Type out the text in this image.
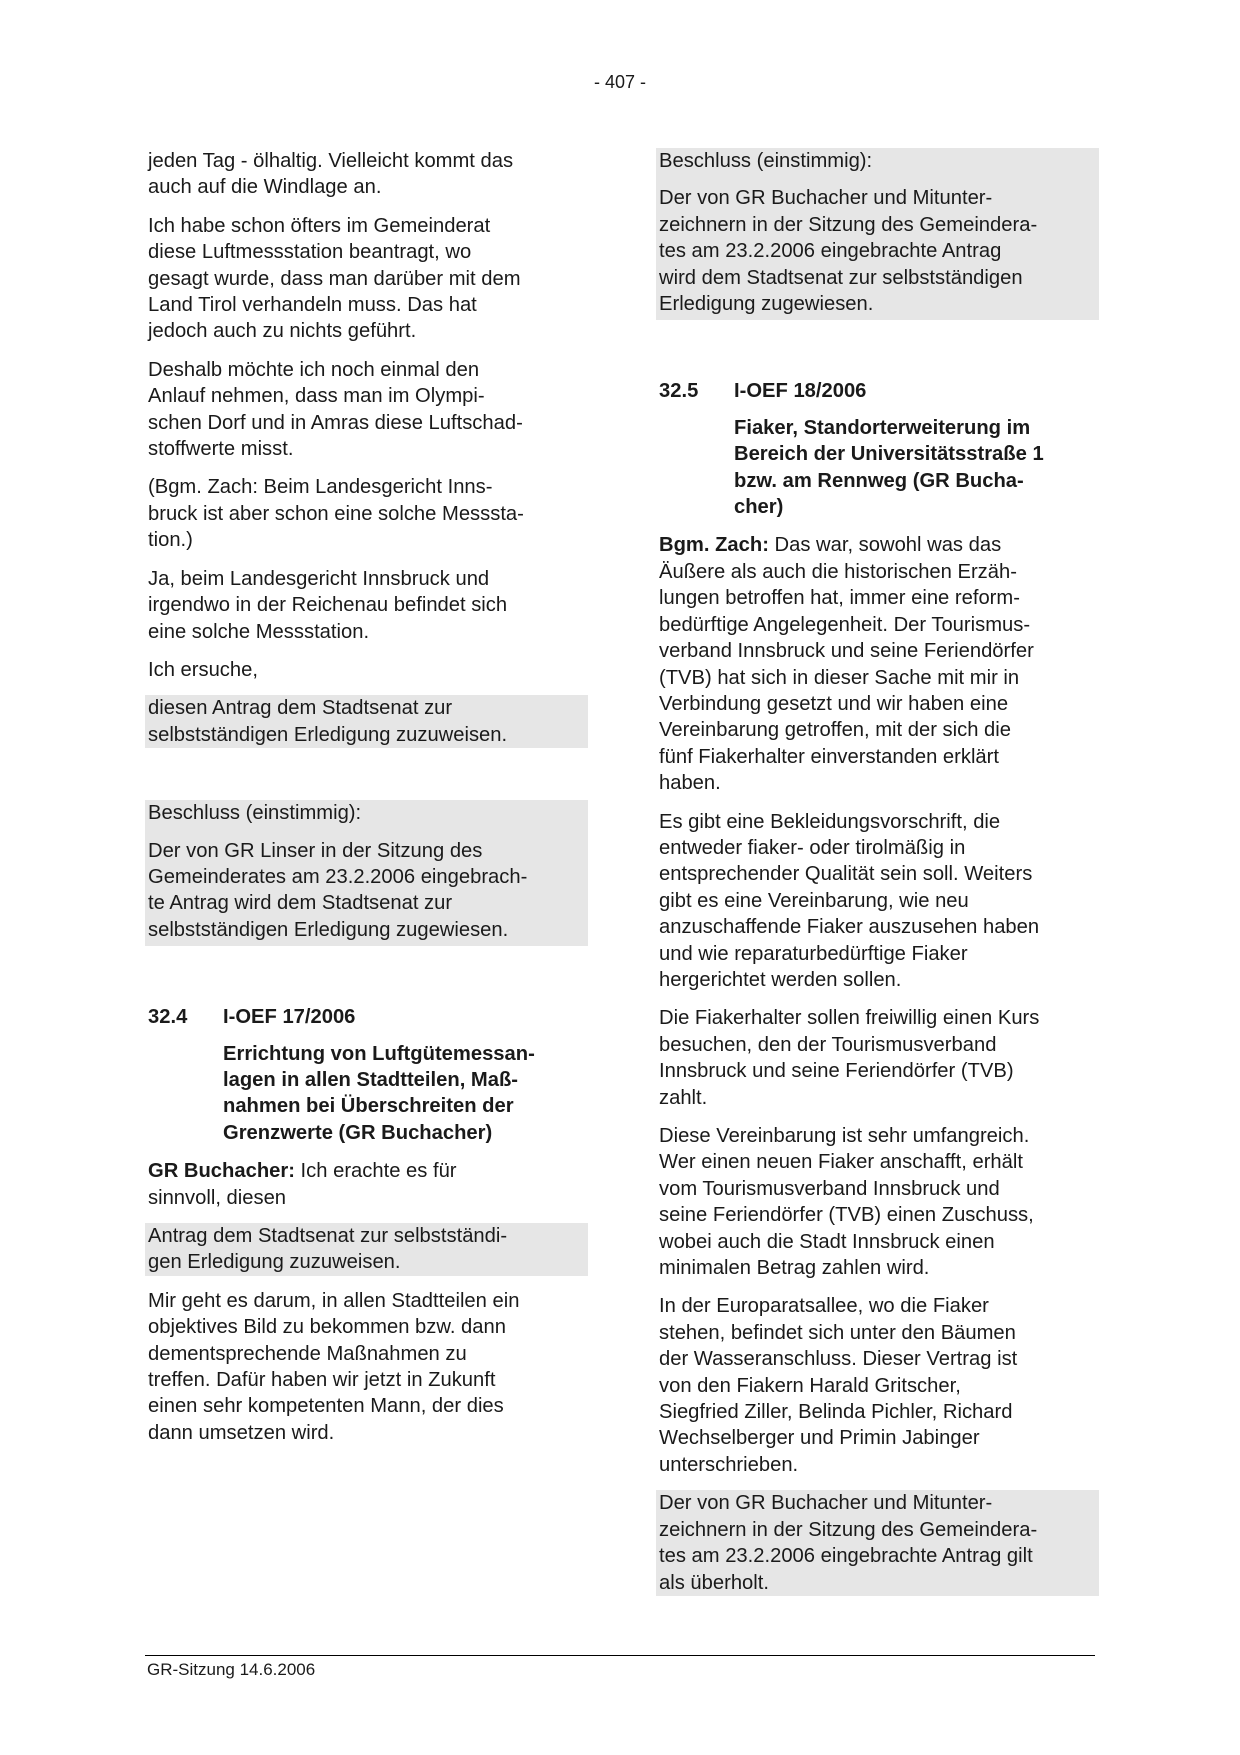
- 407 -

jeden Tag - ölhaltig. Vielleicht kommt das
auch auf die Windlage an.

Ich habe schon öfters im Gemeinderat
diese Luftmessstation beantragt, wo
gesagt wurde, dass man darüber mit dem
Land Tirol verhandeln muss. Das hat
jedoch auch zu nichts geführt.

Deshalb möchte ich noch einmal den
Anlauf nehmen, dass man im Olympi-
schen Dorf und in Amras diese Luftschad-
stoffwerte misst.

(Bgm. Zach: Beim Landesgericht Inns-
bruck ist aber schon eine solche Messsta-
tion.)

Ja, beim Landesgericht Innsbruck und
irgendwo in der Reichenau befindet sich
eine solche Messstation.

Ich ersuche,

diesen Antrag dem Stadtsenat zur
selbstständigen Erledigung zuzuweisen.

Beschluss (einstimmig):

Der von GR Linser in der Sitzung des
Gemeinderates am 23.2.2006 eingebrach-
te Antrag wird dem Stadtsenat zur
selbstständigen Erledigung zugewiesen.

32.4	I-OEF 17/2006

Errichtung von Luftgütemessan-
lagen in allen Stadtteilen, Maß-
nahmen bei Überschreiten der
Grenzwerte (GR Buchacher)

GR Buchacher: Ich erachte es für
sinnvoll, diesen

Antrag dem Stadtsenat zur selbstständi-
gen Erledigung zuzuweisen.

Mir geht es darum, in allen Stadtteilen ein
objektives Bild zu bekommen bzw. dann
dementsprechende Maßnahmen zu
treffen. Dafür haben wir jetzt in Zukunft
einen sehr kompetenten Mann, der dies
dann umsetzen wird.

Beschluss (einstimmig):

Der von GR Buchacher und Mitunter-
zeichnern in der Sitzung des Gemeindera-
tes am 23.2.2006 eingebrachte Antrag
wird dem Stadtsenat zur selbstständigen
Erledigung zugewiesen.

32.5	I-OEF 18/2006

Fiaker, Standorterweiterung im
Bereich der Universitätsstraße 1
bzw. am Rennweg (GR Bucha-
cher)

Bgm. Zach: Das war, sowohl was das
Äußere als auch die historischen Erzäh-
lungen betroffen hat, immer eine reform-
bedürftige Angelegenheit. Der Tourismus-
verband Innsbruck und seine Feriendörfer
(TVB) hat sich in dieser Sache mit mir in
Verbindung gesetzt und wir haben eine
Vereinbarung getroffen, mit der sich die
fünf Fiakerhalter einverstanden erklärt
haben.

Es gibt eine Bekleidungsvorschrift, die
entweder fiaker- oder tirolmäßig in
entsprechender Qualität sein soll. Weiters
gibt es eine Vereinbarung, wie neu
anzuschaffende Fiaker auszusehen haben
und wie reparaturbedürftige Fiaker
hergerichtet werden sollen.

Die Fiakerhalter sollen freiwillig einen Kurs
besuchen, den der Tourismusverband
Innsbruck und seine Feriendörfer (TVB)
zahlt.

Diese Vereinbarung ist sehr umfangreich.
Wer einen neuen Fiaker anschafft, erhält
vom Tourismusverband Innsbruck und
seine Feriendörfer (TVB) einen Zuschuss,
wobei auch die Stadt Innsbruck einen
minimalen Betrag zahlen wird.

In der Europaratsallee, wo die Fiaker
stehen, befindet sich unter den Bäumen
der Wasseranschluss. Dieser Vertrag ist
von den Fiakern Harald Gritscher,
Siegfried Ziller, Belinda Pichler, Richard
Wechselberger und Primin Jabinger
unterschrieben.

Der von GR Buchacher und Mitunter-
zeichnern in der Sitzung des Gemeindera-
tes am 23.2.2006 eingebrachte Antrag gilt
als überholt.

GR-Sitzung 14.6.2006
